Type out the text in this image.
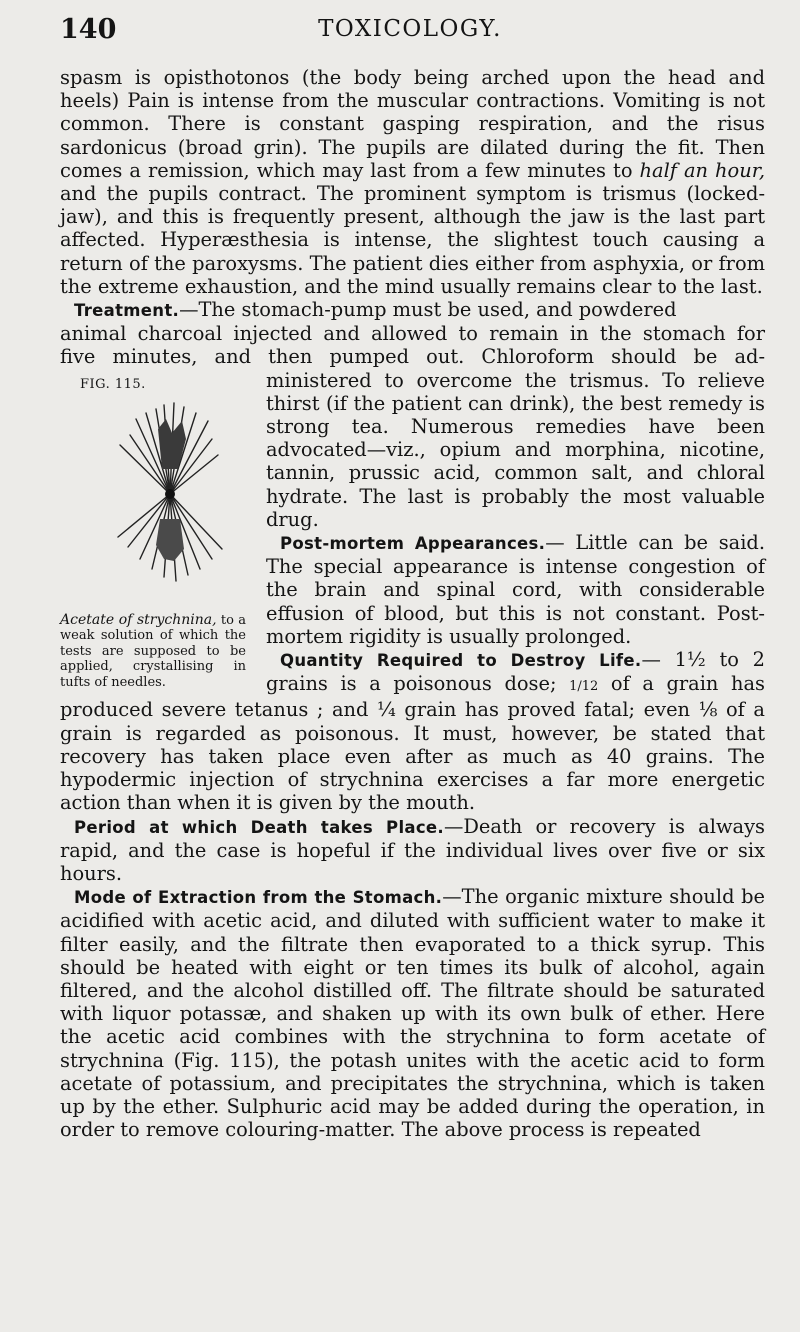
140	TOXICOLOGY.

spasm is opisthotonos (the body being arched upon the head and heels) Pain is intense from the muscular contractions. Vomiting is not common. There is constant gasping respiration, and the risus sardonicus (broad grin). The pupils are dilated during the fit. Then comes a remission, which may last from a few minutes to half an hour, and the pupils contract. The prominent symptom is trismus (locked-jaw), and this is frequently present, although the jaw is the last part affected. Hyperæsthesia is intense, the slightest touch causing a return of the paroxysms. The patient dies either from asphyxia, or from the extreme exhaustion, and the mind usually remains clear to the last.

Treatment.—The stomach-pump must be used, and powdered

animal charcoal injected and allowed to remain in the stomach for
five minutes, and then pumped out. Chloroform should be ad-
FIG. 115.
Acetate of strychnina, to a weak solution of which the tests are supposed to be applied, crystallising in tufts of needles.

ministered to overcome the trismus. To relieve thirst (if the patient can drink), the best remedy is strong tea. Numerous remedies have been advocated—viz., opium and morphina, nicotine, tannin, prussic acid, common salt, and chloral hydrate. The last is probably the most valuable drug.

Post-mortem Appearances.— Little can be said. The special appearance is intense congestion of the brain and spinal cord, with considerable effusion of blood, but this is not constant. Post-mortem rigidity is usually prolonged.

Quantity Required to Destroy Life.— 1½ to 2 grains is a poisonous dose; 1/12 of a grain has produced severe tetanus ; and ¼ grain has proved fatal; even ⅛ of a grain is regarded as poisonous. It must, however, be stated that recovery has taken place even after as much as 40 grains. The hypodermic injection of strychnina exercises a far more energetic action than when it is given by the mouth.

Period at which Death takes Place.—Death or recovery is always rapid, and the case is hopeful if the individual lives over five or six hours.

Mode of Extraction from the Stomach.—The organic mixture should be acidified with acetic acid, and diluted with sufficient water to make it filter easily, and the filtrate then evaporated to a thick syrup. This should be heated with eight or ten times its bulk of alcohol, again filtered, and the alcohol distilled off. The filtrate should be saturated with liquor potassæ, and shaken up with its own bulk of ether. Here the acetic acid combines with the strychnina to form acetate of strychnina (Fig. 115), the potash unites with the acetic acid to form acetate of potassium, and precipitates the strychnina, which is taken up by the ether. Sulphuric acid may be added during the operation, in order to remove colouring-matter. The above process is repeated
